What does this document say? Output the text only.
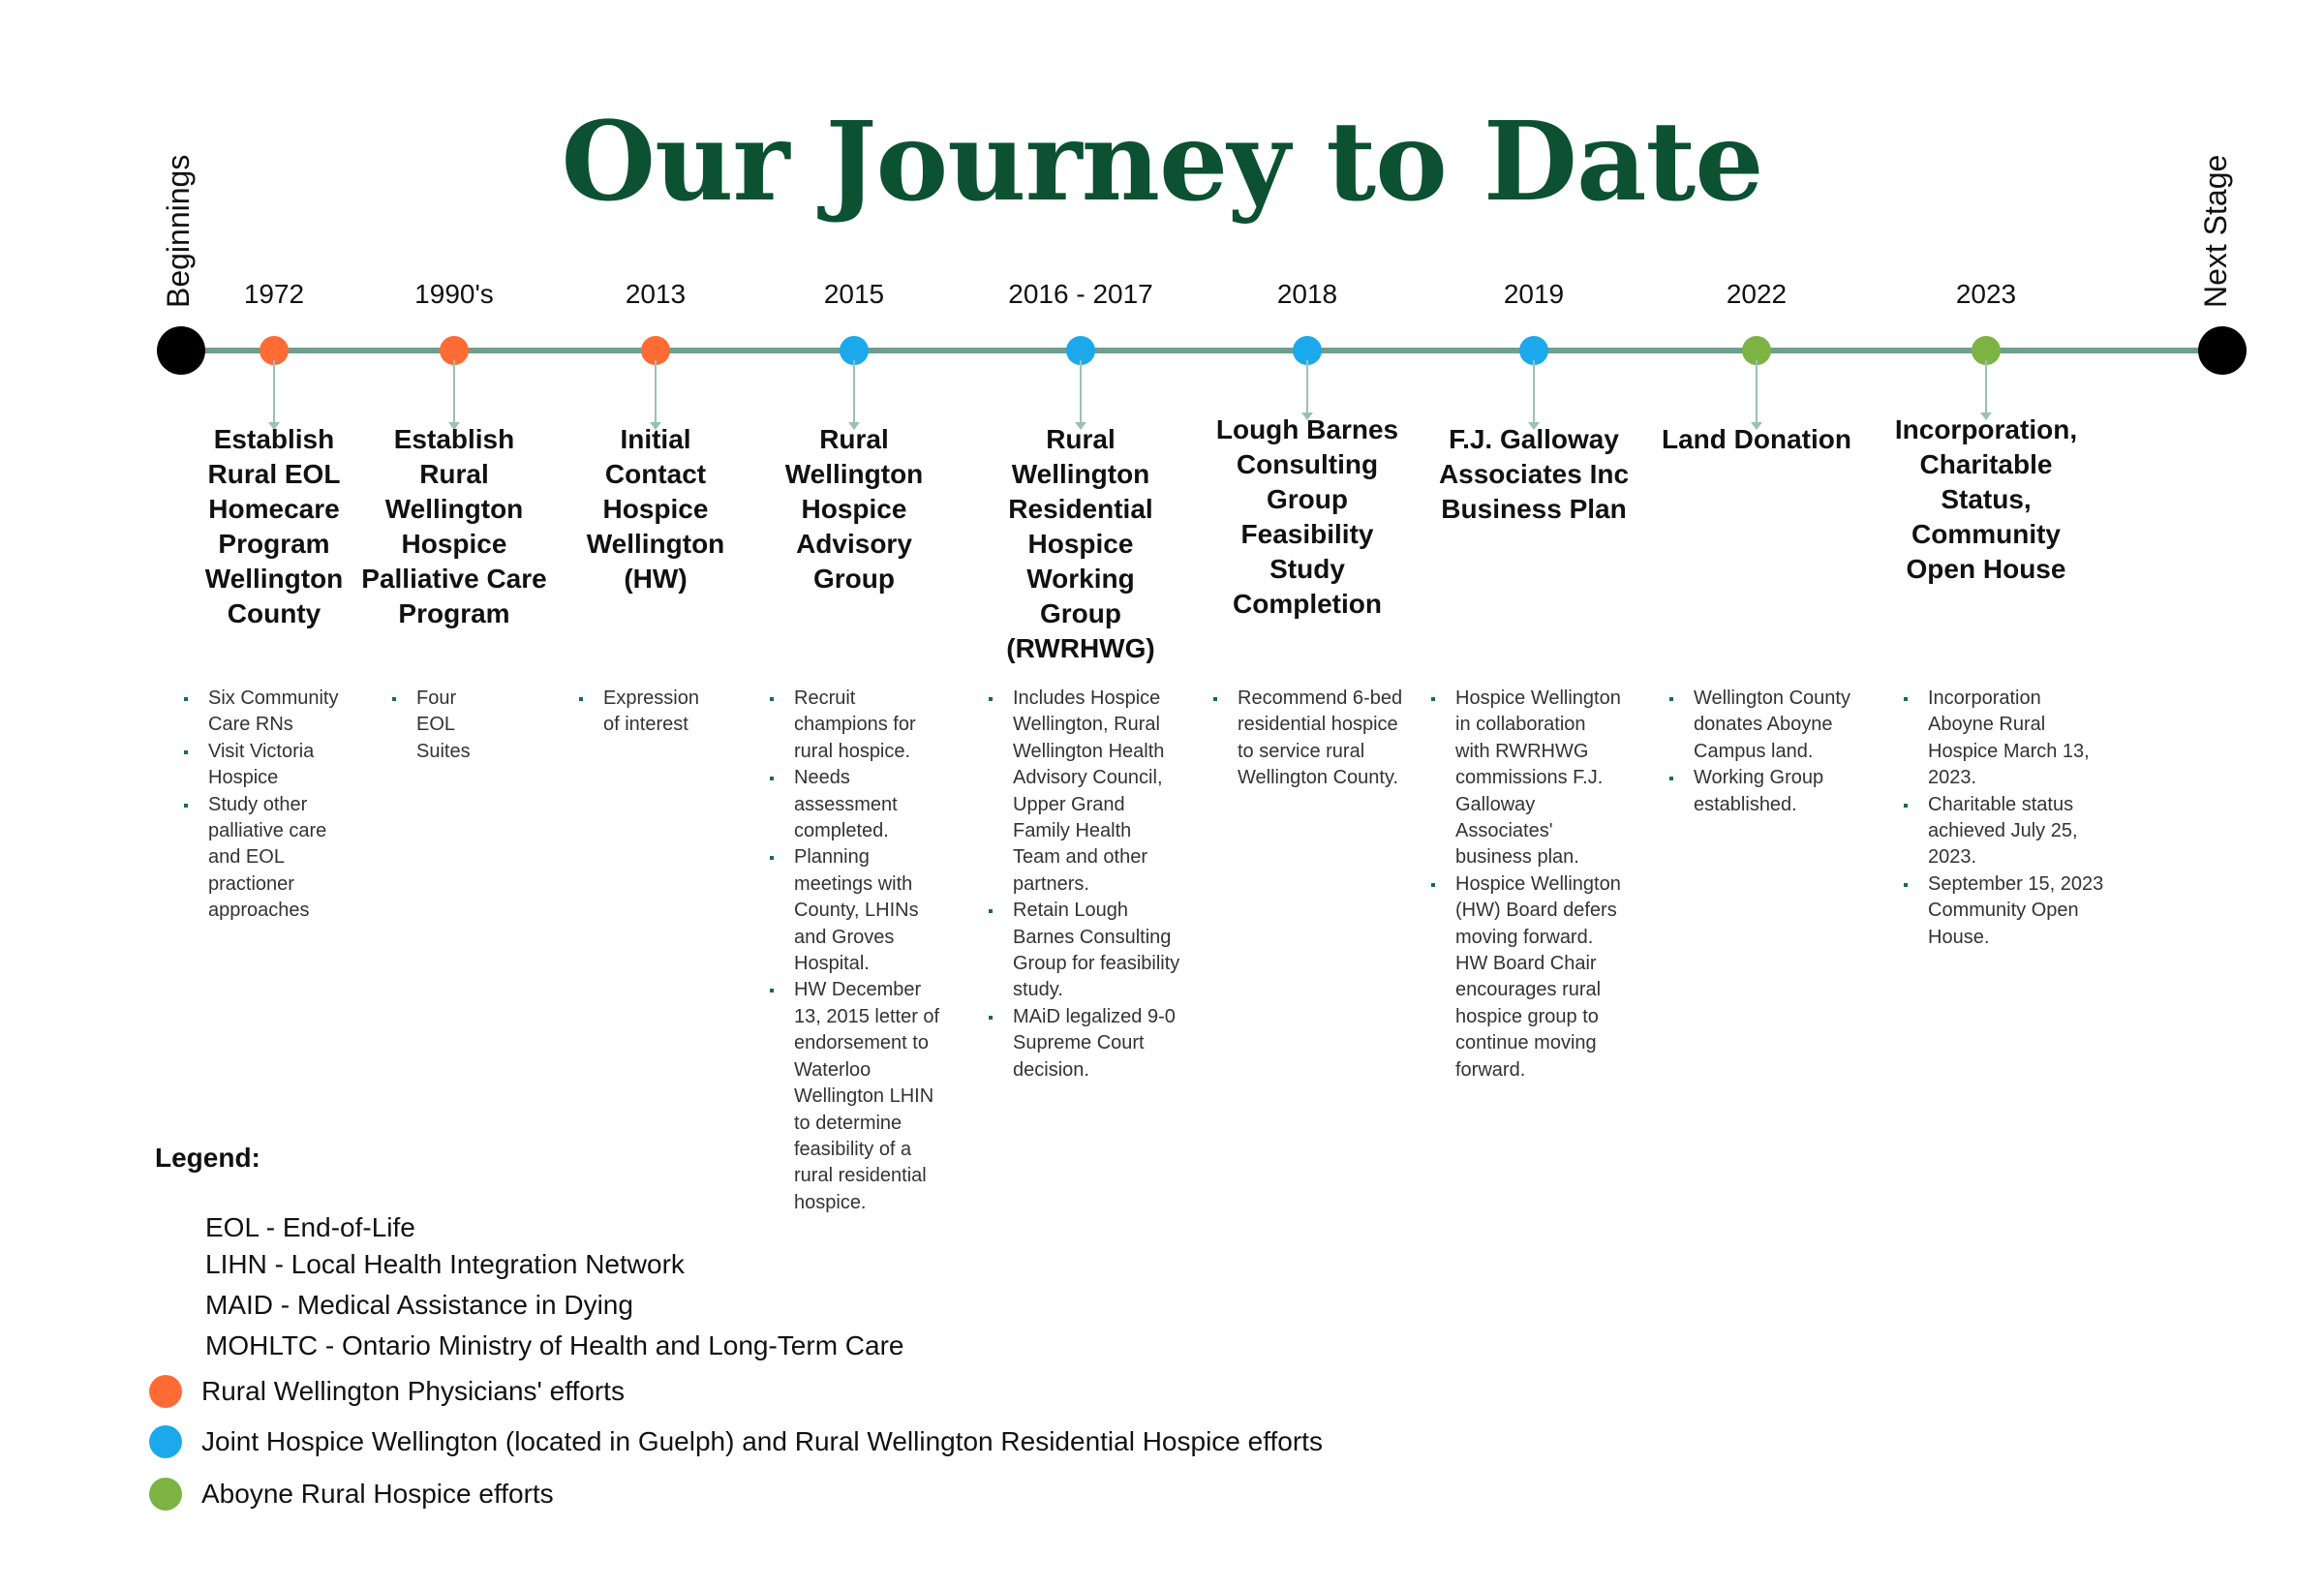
Our Journey to Date
Beginnings	Next Stage
1972
Establish Rural EOL Homecare Program Wellington County
Six Community Care RNs
Visit Victoria Hospice
Study other palliative care and EOL practioner approaches
1990's
Establish Rural Wellington Hospice Palliative Care Program
Four EOL Suites
2013
Initial Contact Hospice Wellington (HW)
Expression of interest
2015
Rural Wellington Hospice Advisory Group
Recruit champions for rural hospice.
Needs assessment completed.
Planning meetings with County, LHINs and Groves Hospital.
HW December 13, 2015 letter of endorsement to Waterloo Wellington LHIN to determine feasibility of a rural residential hospice.
2016 - 2017
Rural Wellington Residential Hospice Working Group (RWRHWG)
Includes Hospice Wellington, Rural Wellington Health Advisory Council, Upper Grand Family Health Team and other partners.
Retain Lough Barnes Consulting Group for feasibility study.
MAiD legalized 9-0 Supreme Court decision.
2018
Lough Barnes Consulting Group Feasibility Study Completion
Recommend 6-bed residential hospice to service rural Wellington County.
2019
F.J. Galloway Associates Inc Business Plan
Hospice Wellington in collaboration with RWRHWG commissions F.J. Galloway Associates' business plan.
Hospice Wellington (HW) Board defers moving forward. HW Board Chair encourages rural hospice group to continue moving forward.
2022
Land Donation
Wellington County donates Aboyne Campus land.
Working Group established.
2023
Incorporation, Charitable Status, Community Open House
Incorporation Aboyne Rural Hospice March 13, 2023.
Charitable status achieved July 25, 2023.
September 15, 2023 Community Open House.
Legend:
EOL - End-of-Life
LIHN - Local Health Integration Network
MAID - Medical Assistance in Dying
MOHLTC - Ontario Ministry of Health and Long-Term Care
Rural Wellington Physicians' efforts
Joint Hospice Wellington (located in Guelph) and Rural Wellington Residential Hospice efforts
Aboyne Rural Hospice efforts
